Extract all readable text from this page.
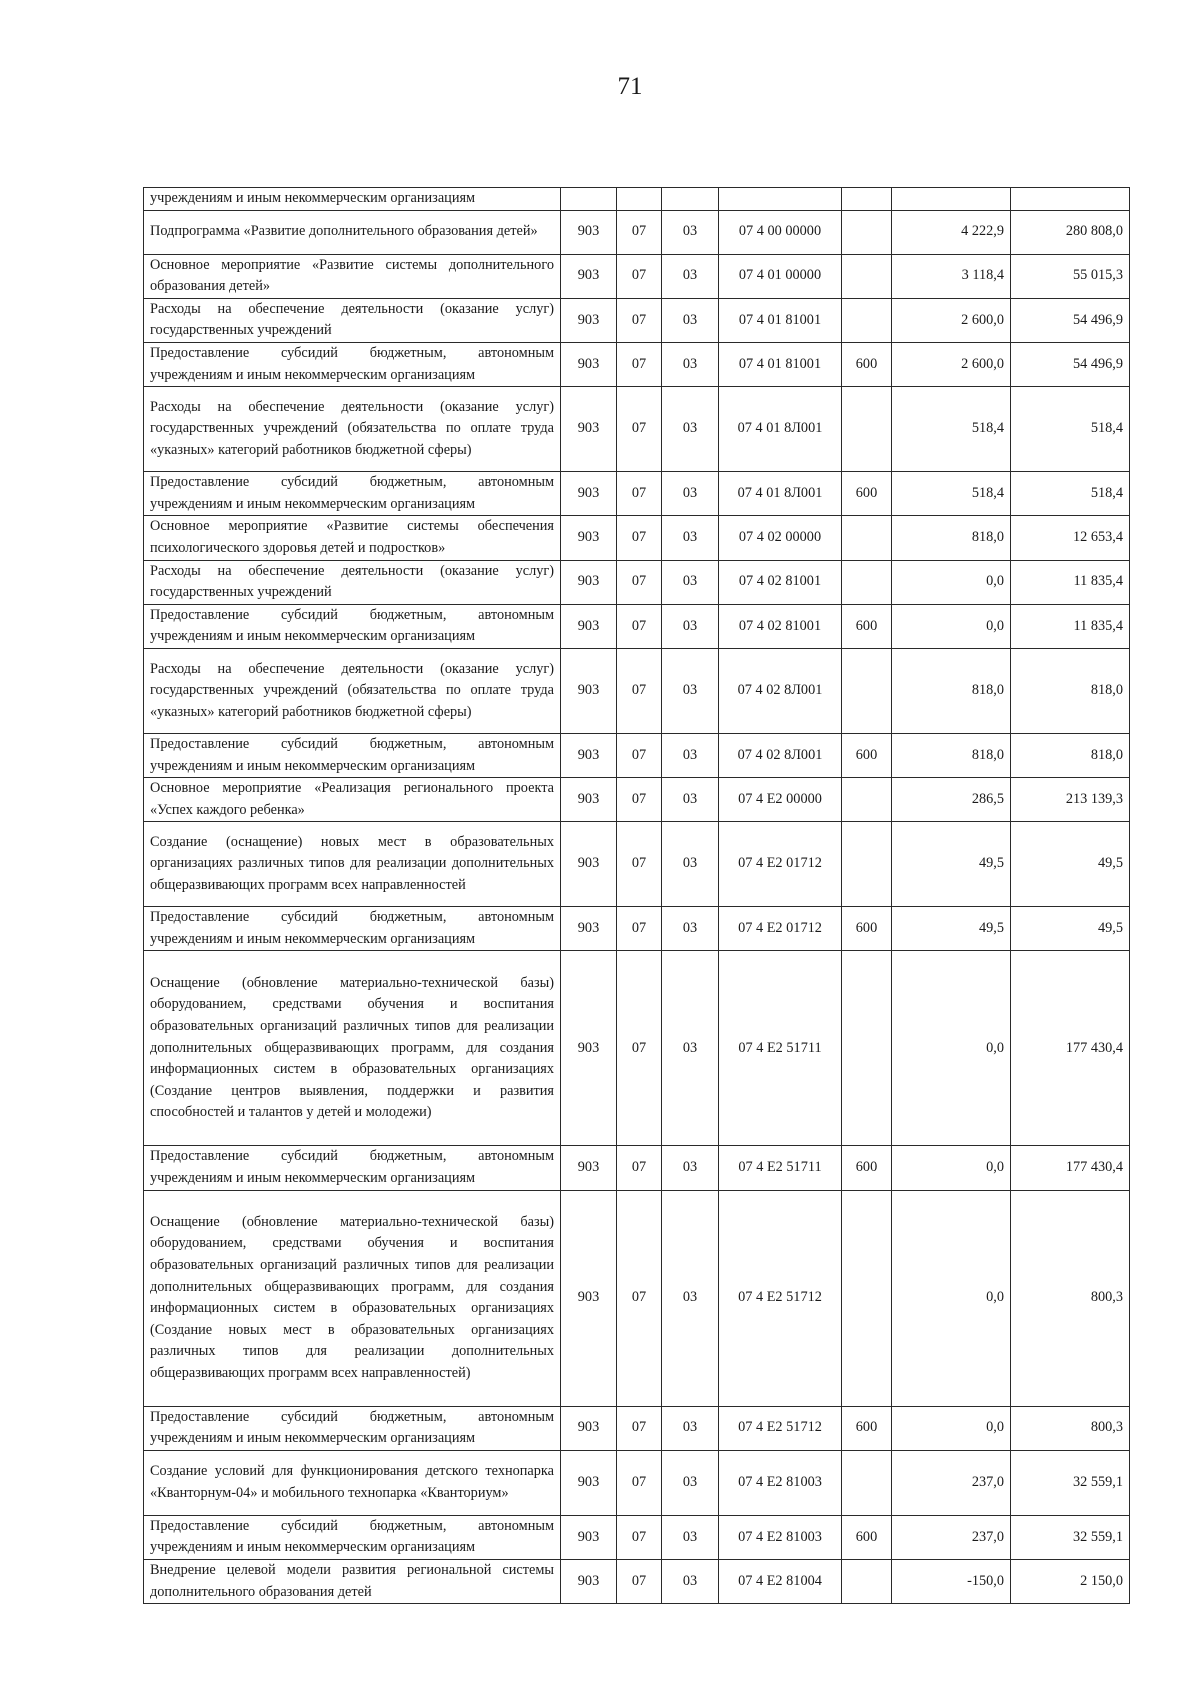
71
учреждениям и иным некоммерческим организациям							
Подпрограмма «Развитие дополнительного образования детей»	903	07	03	07 4 00 00000		4 222,9	280 808,0
Основное мероприятие «Развитие системы дополнительного образования детей»	903	07	03	07 4 01 00000		3 118,4	55 015,3
Расходы на обеспечение деятельности (оказание услуг) государственных учреждений	903	07	03	07 4 01 81001		2 600,0	54 496,9
Предоставление субсидий бюджетным, автономным учреждениям и иным некоммерческим организациям	903	07	03	07 4 01 81001	600	2 600,0	54 496,9
Расходы на обеспечение деятельности (оказание услуг) государственных учреждений (обязательства по оплате труда «указных» категорий работников бюджетной сферы)	903	07	03	07 4 01 8Л001		518,4	518,4
Предоставление субсидий бюджетным, автономным учреждениям и иным некоммерческим организациям	903	07	03	07 4 01 8Л001	600	518,4	518,4
Основное мероприятие «Развитие системы обеспечения психологического здоровья детей и подростков»	903	07	03	07 4 02 00000		818,0	12 653,4
Расходы на обеспечение деятельности (оказание услуг) государственных учреждений	903	07	03	07 4 02 81001		0,0	11 835,4
Предоставление субсидий бюджетным, автономным учреждениям и иным некоммерческим организациям	903	07	03	07 4 02 81001	600	0,0	11 835,4
Расходы на обеспечение деятельности (оказание услуг) государственных учреждений (обязательства по оплате труда «указных» категорий работников бюджетной сферы)	903	07	03	07 4 02 8Л001		818,0	818,0
Предоставление субсидий бюджетным, автономным учреждениям и иным некоммерческим организациям	903	07	03	07 4 02 8Л001	600	818,0	818,0
Основное мероприятие «Реализация регионального проекта «Успех каждого ребенка»	903	07	03	07 4 E2 00000		286,5	213 139,3
Создание (оснащение) новых мест в образовательных организациях различных типов для реализации дополнительных общеразвивающих программ всех направленностей	903	07	03	07 4 E2 01712		49,5	49,5
Предоставление субсидий бюджетным, автономным учреждениям и иным некоммерческим организациям	903	07	03	07 4 E2 01712	600	49,5	49,5
Оснащение (обновление материально-технической базы) оборудованием, средствами обучения и воспитания образовательных организаций различных типов для реализации дополнительных общеразвивающих программ, для создания информационных систем в образовательных организациях (Создание центров выявления, поддержки и развития способностей и талантов у детей и молодежи)	903	07	03	07 4 E2 51711		0,0	177 430,4
Предоставление субсидий бюджетным, автономным учреждениям и иным некоммерческим организациям	903	07	03	07 4 E2 51711	600	0,0	177 430,4
Оснащение (обновление материально-технической базы) оборудованием, средствами обучения и воспитания образовательных организаций различных типов для реализации дополнительных общеразвивающих программ, для создания информационных систем в образовательных организациях (Создание новых мест в образовательных организациях различных типов для реализации дополнительных общеразвивающих программ всех направленностей)	903	07	03	07 4 E2 51712		0,0	800,3
Предоставление субсидий бюджетным, автономным учреждениям и иным некоммерческим организациям	903	07	03	07 4 E2 51712	600	0,0	800,3
Создание условий для функционирования детского технопарка «Кванторнум-04» и мобильного технопарка «Кванториум»	903	07	03	07 4 E2 81003		237,0	32 559,1
Предоставление субсидий бюджетным, автономным учреждениям и иным некоммерческим организациям	903	07	03	07 4 E2 81003	600	237,0	32 559,1
Внедрение целевой модели развития региональной системы дополнительного образования детей	903	07	03	07 4 E2 81004		-150,0	2 150,0
